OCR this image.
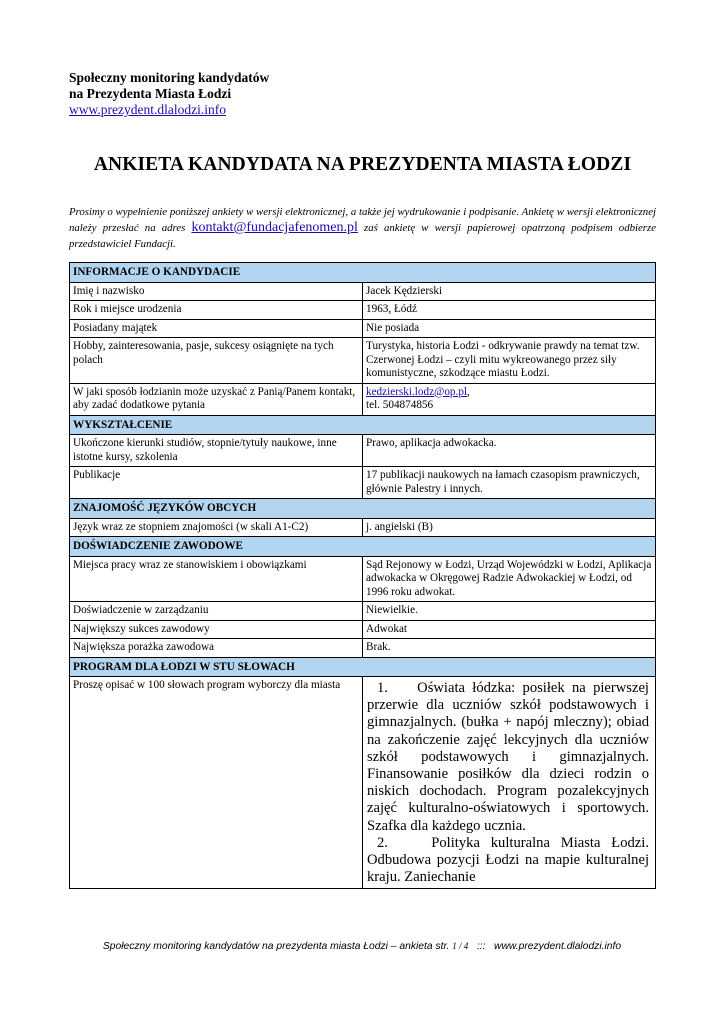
Społeczny monitoring kandydatów
na Prezydenta Miasta Łodzi
www.prezydent.dlalodzi.info
ANKIETA KANDYDATA NA PREZYDENTA MIASTA ŁODZI
Prosimy o wypełnienie poniższej ankiety w wersji elektronicznej, a także jej wydrukowanie i podpisanie. Ankietę w wersji elektronicznej należy przesłać na adres kontakt@fundacjafenomen.pl zaś ankietę w wersji papierowej opatrzoną podpisem odbierze przedstawiciel Fundacji.
INFORMACJE O KANDYDACIE	
Imię i nazwisko	Jacek Kędzierski
Rok i miejsce urodzenia	1963, Łódź
Posiadany majątek	Nie posiada
Hobby, zainteresowania, pasje, sukcesy osiągnięte na tych polach	Turystyka, historia Łodzi - odkrywanie prawdy na temat tzw. Czerwonej Łodzi – czyli mitu wykreowanego przez siły komunistyczne, szkodzące miastu Łodzi.
W jaki sposób łodzianin może uzyskać z Panią/Panem kontakt, aby zadać dodatkowe pytania	kedzierski.lodz@op.pl,
tel. 504874856
WYKSZTAŁCENIE	
Ukończone kierunki studiów, stopnie/tytuły naukowe, inne istotne kursy, szkolenia	Prawo, aplikacja adwokacka.
Publikacje	17 publikacji naukowych na łamach czasopism prawniczych, głównie Palestry i innych.
ZNAJOMOŚĆ JĘZYKÓW OBCYCH	
Język wraz ze stopniem znajomości (w skali A1-C2)	j. angielski (B)
DOŚWIADCZENIE ZAWODOWE	
Miejsca pracy wraz ze stanowiskiem i obowiązkami	Sąd Rejonowy w Łodzi, Urząd Wojewódzki w Łodzi, Aplikacja adwokacka w Okręgowej Radzie Adwokackiej w Łodzi, od 1996 roku adwokat.
Doświadczenie w zarządzaniu	Niewielkie.
Największy sukces zawodowy	Adwokat
Największa porażka zawodowa	Brak.
PROGRAM DLA ŁODZI W STU SŁOWACH	
Proszę opisać w 100 słowach program wyborczy dla miasta	1.    Oświata łódzka: posiłek na pierwszej przerwie dla uczniów szkół podstawowych i gimnazjalnych. (bułka + napój mleczny); obiad na zakończenie zajęć lekcyjnych dla uczniów szkół podstawowych i gimnazjalnych. Finansowanie posiłków dla dzieci rodzin o niskich dochodach. Program pozalekcyjnych zajęć kulturalno-oświatowych i sportowych. Szafka dla każdego ucznia.

2.    Polityka kulturalna Miasta Łodzi. Odbudowa pozycji Łodzi na mapie kulturalnej kraju. Zaniechanie

Społeczny monitoring kandydatów na prezydenta miasta Łodzi – ankieta str. 1 / 4   :::   www.prezydent.dlalodzi.info
